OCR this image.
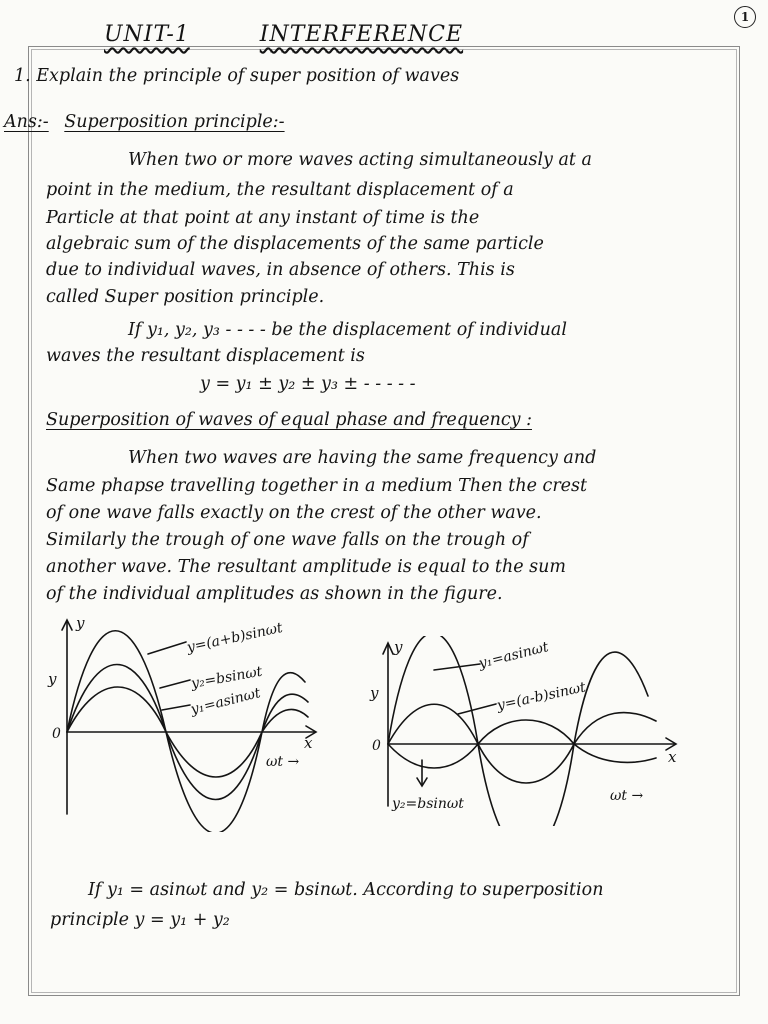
1
UNIT-1	INTERFERENCE
1. Explain the principle of super position of waves
Ans:- Superposition principle:-
When two or more waves acting simultaneously at a
point in the medium, the resultant displacement of a
Particle at that point at any instant of time is the
algebraic sum of the displacements of the same particle
due to individual waves, in absence of others. This is
called Super position principle.
If y₁, y₂, y₃ - - - - be the displacement of individual
waves the resultant displacement is
y = y₁ ± y₂ ± y₃ ± - - - - -
Superposition of waves of equal phase and frequency :
When two waves are having the same frequency and
Same phapse travelling together in a medium Then the crest
of one wave falls exactly on the crest of the other wave.
Similarly the trough of one wave falls on the trough of
another wave. The resultant amplitude is equal to the sum
of the individual amplitudes as shown in the figure.
y
y
0	x
y=(a+b)sinωt
y₂=bsinωt
y₁=asinωt
ωt →
y
y
0
x
y₁=asinωt
y=(a-b)sinωt
y₂=bsinωt	ωt →
If y₁ = asinωt and y₂ = bsinωt. According to superposition
principle y = y₁ + y₂
